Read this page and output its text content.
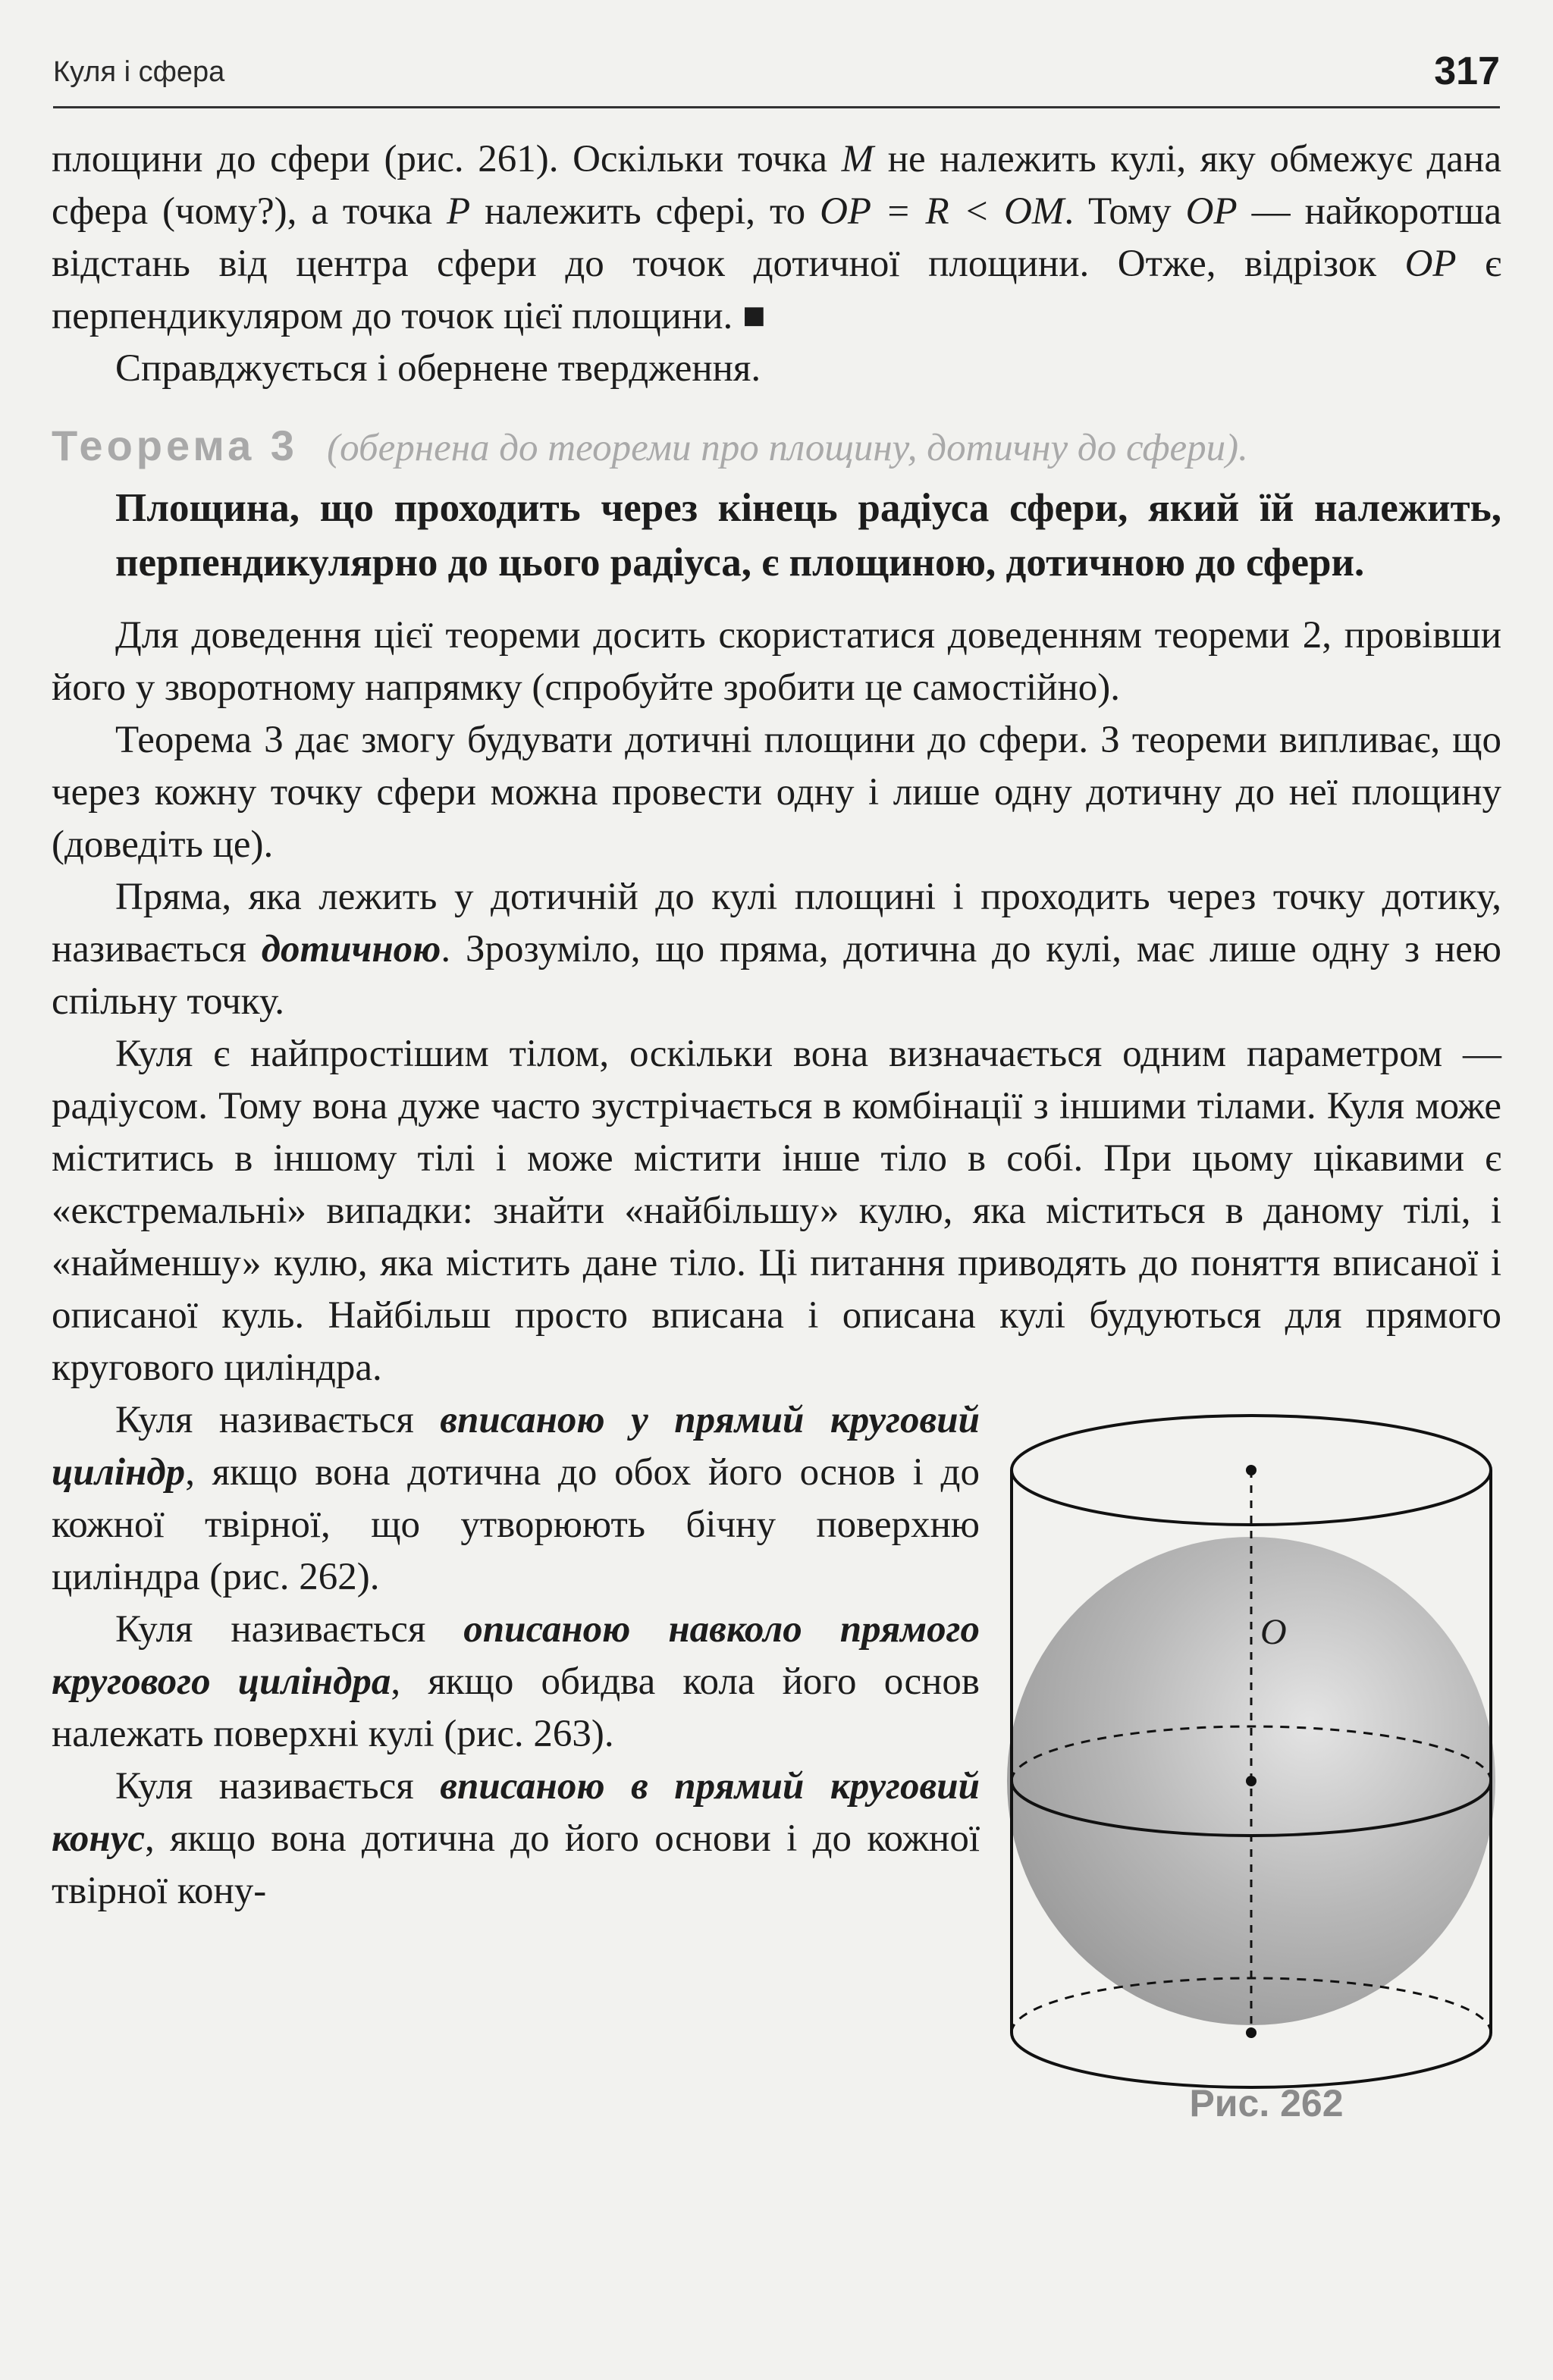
Куля і сфера	317

площини до сфери (рис. 261). Оскільки точка M не належить кулі, яку обмежує дана сфера (чому?), а точка P належить сфері, то OP = R < OM. Тому OP — найкоротша відстань від центра сфери до точок дотичної площини. Отже, відрізок OP є перпендикуляром до точок цієї площини. ■

Справджується і обернене твердження.

Теорема 3 (обернена до теореми про площину, дотичну до сфери).
Площина, що проходить через кінець радіуса сфери, який їй належить, перпендикулярно до цього радіуса, є площиною, дотичною до сфери.

Для доведення цієї теореми досить скористатися доведенням теореми 2, провівши його у зворотному напрямку (спробуйте зробити це самостійно).

Теорема 3 дає змогу будувати дотичні площини до сфери. З теореми випливає, що через кожну точку сфери можна провести одну і лише одну дотичну до неї площину (доведіть це).

Пряма, яка лежить у дотичній до кулі площині і проходить через точку дотику, називається дотичною. Зрозуміло, що пряма, дотична до кулі, має лише одну з нею спільну точку.

Куля є найпростішим тілом, оскільки вона визначається одним параметром — радіусом. Тому вона дуже часто зустрічається в комбінації з іншими тілами. Куля може міститись в іншому тілі і може містити інше тіло в собі. При цьому цікавими є «екстремальні» випадки: знайти «найбільшу» кулю, яка міститься в даному тілі, і «найменшу» кулю, яка містить дане тіло. Ці питання приводять до поняття вписаної і описаної куль. Найбільш просто вписана і описана кулі будуються для прямого кругового циліндра.

O
Рис. 262

Куля називається вписаною у прямий круговий циліндр, якщо вона дотична до обох його основ і до кожної твірної, що утворюють бічну поверхню циліндра (рис. 262).

Куля називається описаною навколо прямого кругового циліндра, якщо обидва кола його основ належать поверхні кулі (рис. 263).

Куля називається вписаною в прямий круговий конус, якщо вона дотична до його основи і до кожної твірної кону-
